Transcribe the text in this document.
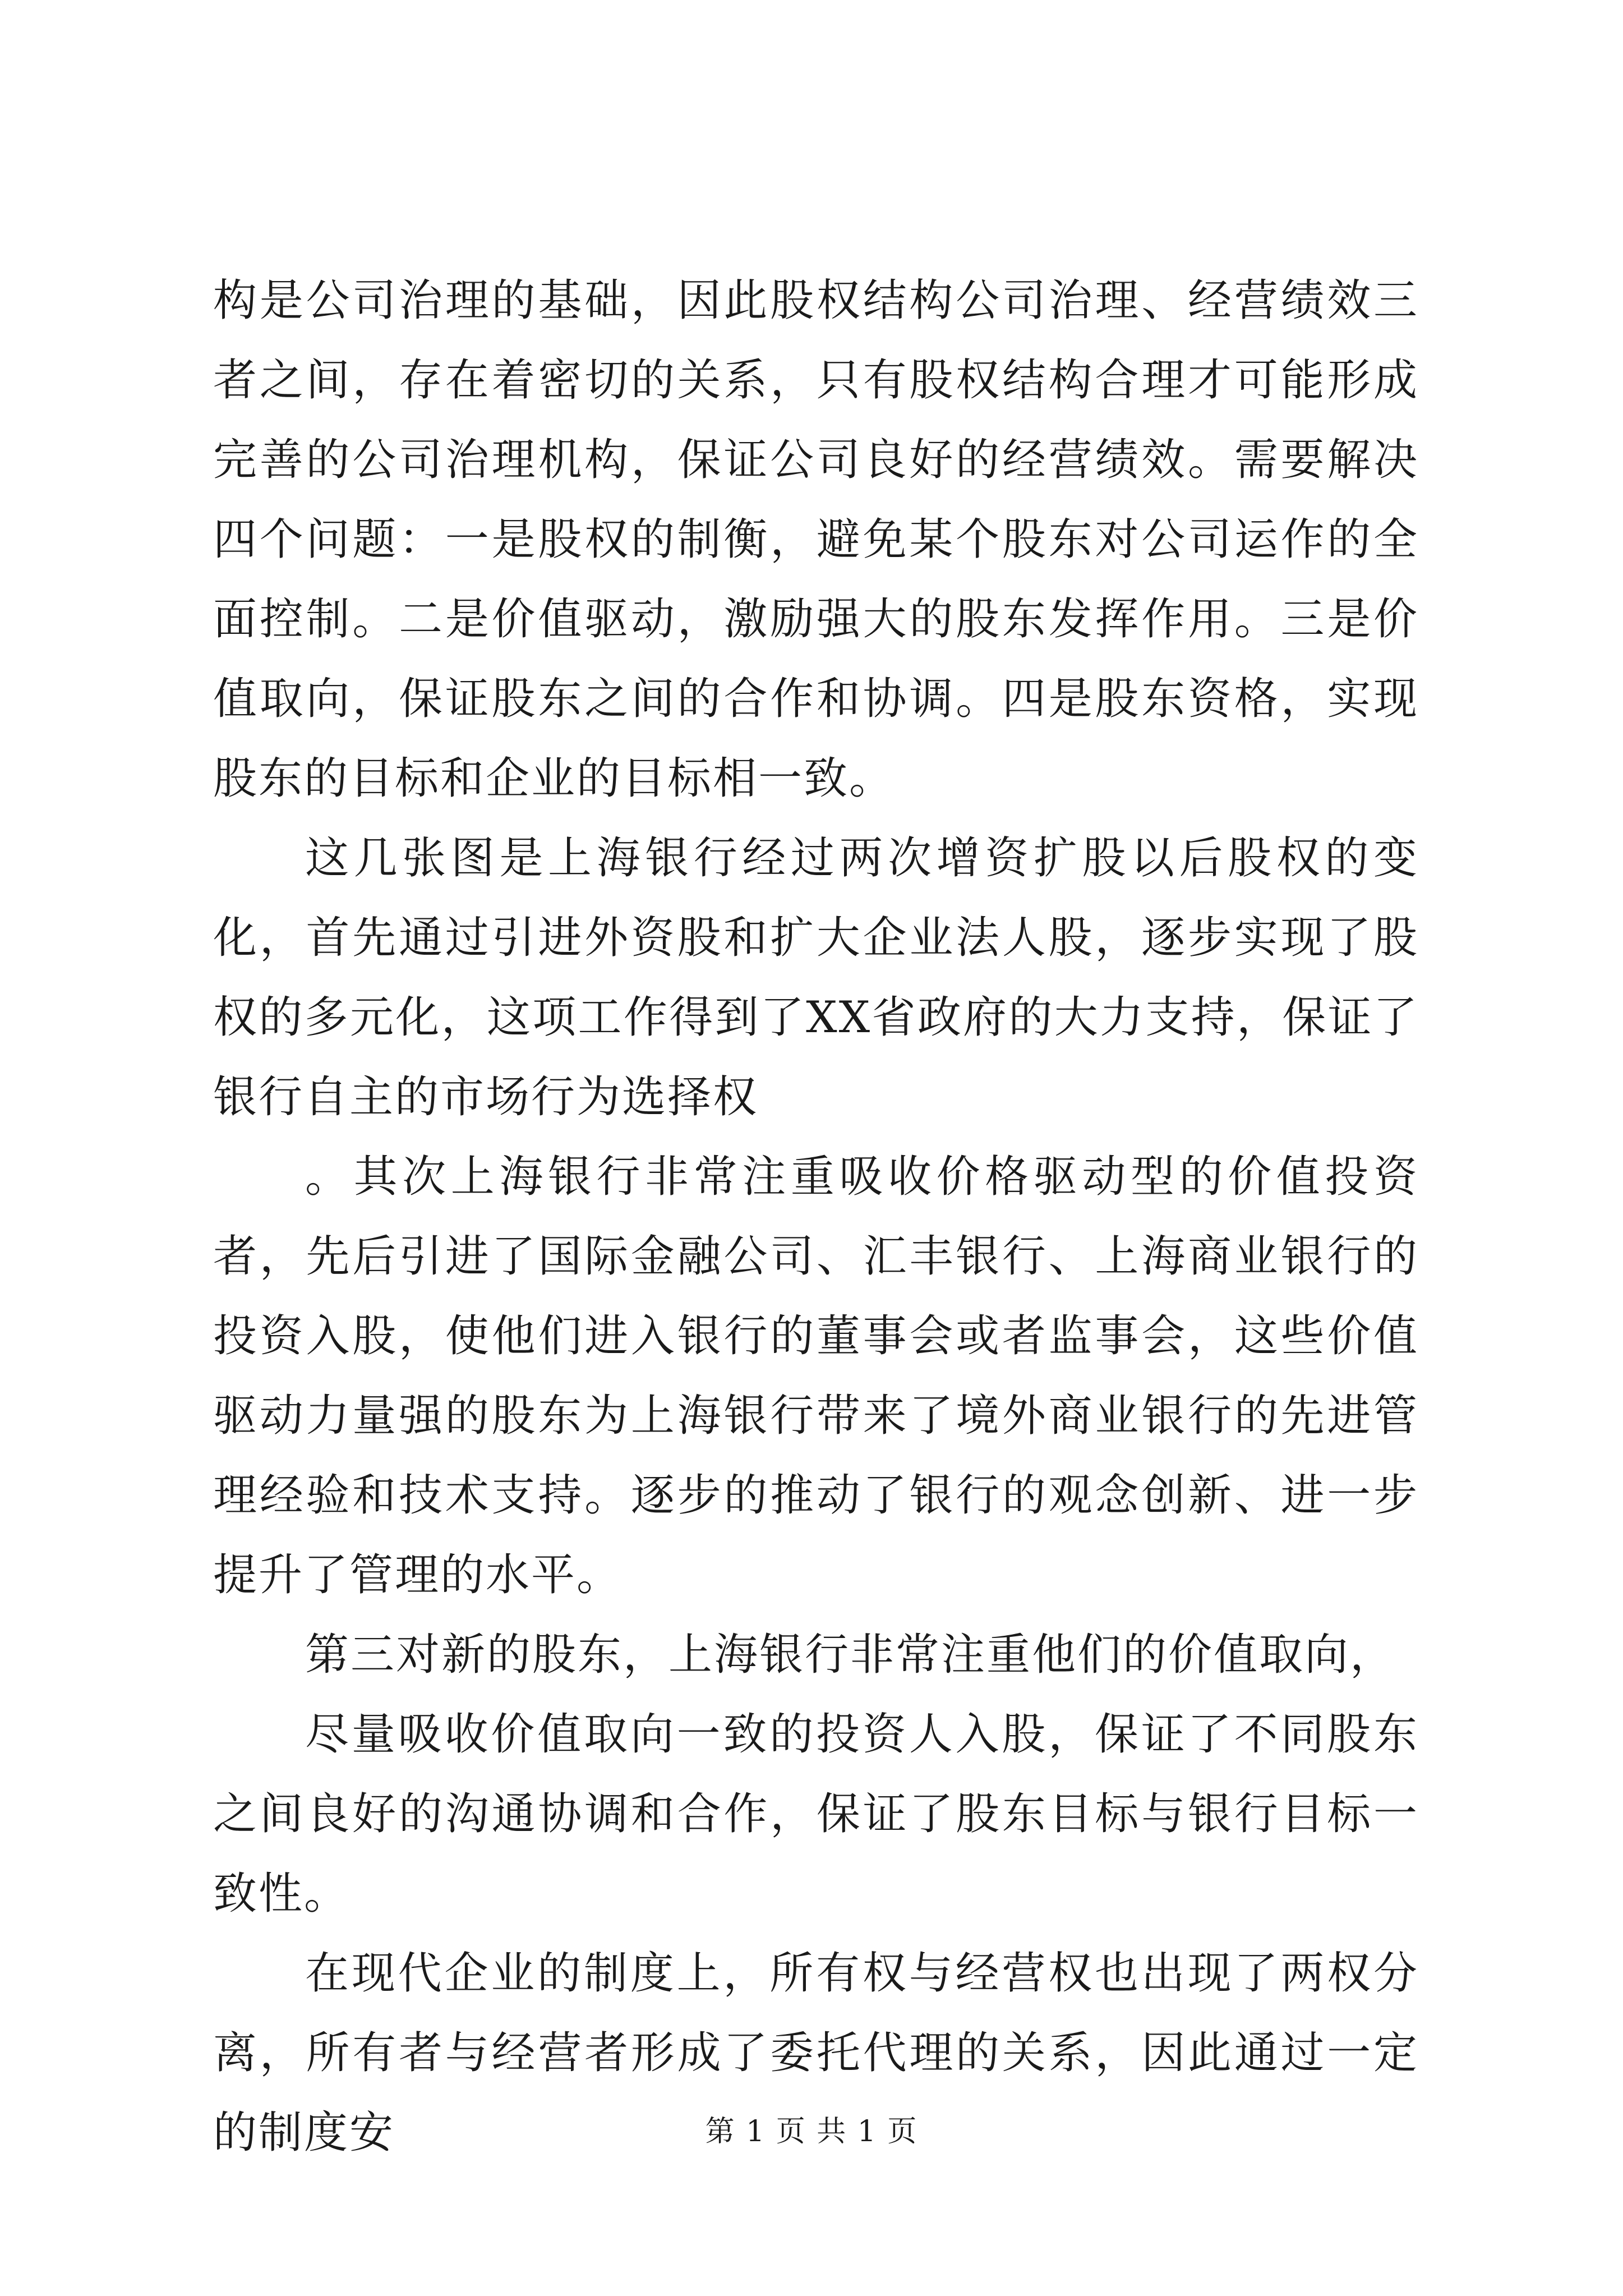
构是公司治理的基础，因此股权结构公司治理、经营绩效三者之间，存在着密切的关系，只有股权结构合理才可能形成完善的公司治理机构，保证公司良好的经营绩效。需要解决四个问题：一是股权的制衡，避免某个股东对公司运作的全面控制。二是价值驱动，激励强大的股东发挥作用。三是价值取向，保证股东之间的合作和协调。四是股东资格，实现股东的目标和企业的目标相一致。

这几张图是上海银行经过两次增资扩股以后股权的变化，首先通过引进外资股和扩大企业法人股，逐步实现了股权的多元化，这项工作得到了XX省政府的大力支持，保证了银行自主的市场行为选择权

。其次上海银行非常注重吸收价格驱动型的价值投资者，先后引进了国际金融公司、汇丰银行、上海商业银行的投资入股，使他们进入银行的董事会或者监事会，这些价值驱动力量强的股东为上海银行带来了境外商业银行的先进管理经验和技术支持。逐步的推动了银行的观念创新、进一步提升了管理的水平。

第三对新的股东，上海银行非常注重他们的价值取向，

尽量吸收价值取向一致的投资人入股，保证了不同股东之间良好的沟通协调和合作，保证了股东目标与银行目标一致性。

在现代企业的制度上，所有权与经营权也出现了两权分离，所有者与经营者形成了委托代理的关系，因此通过一定的制度安	第 1 页 共 1 页
